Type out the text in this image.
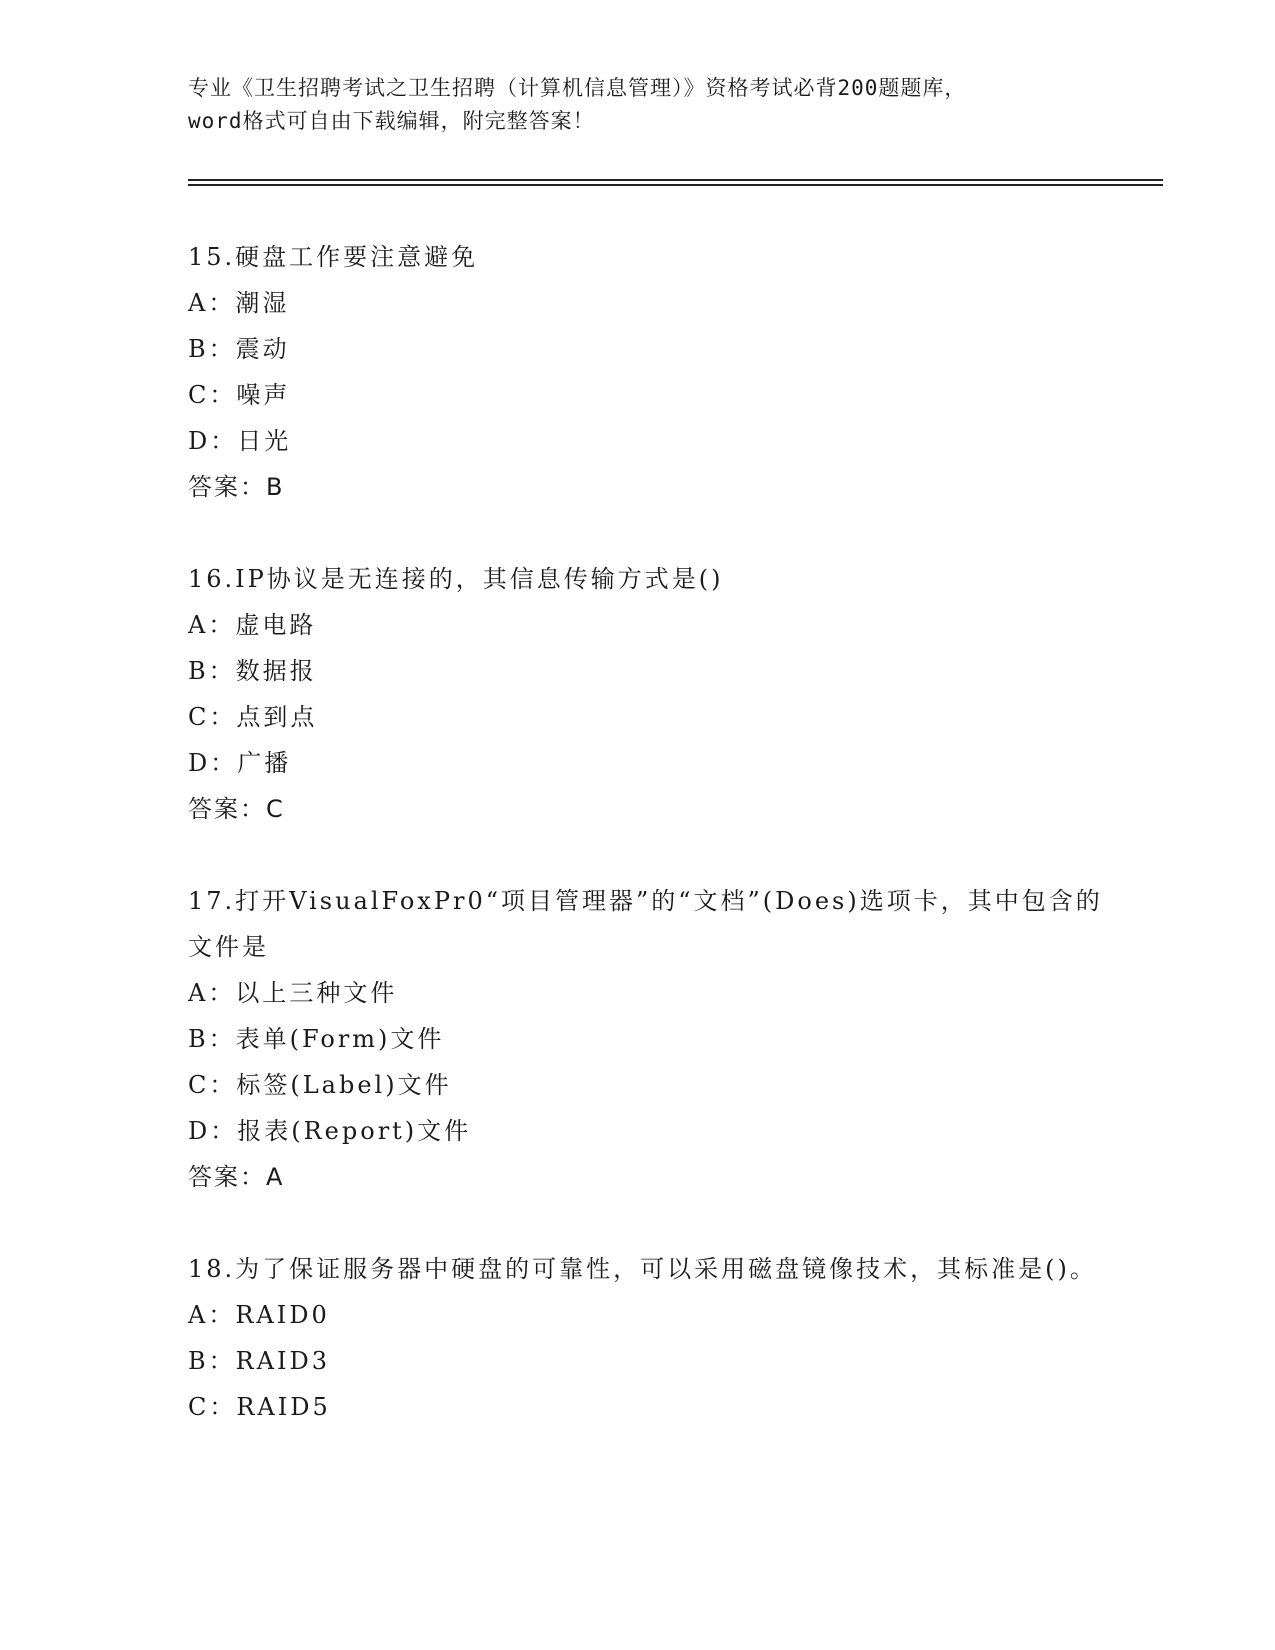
专业《卫生招聘考试之卫生招聘（计算机信息管理）》资格考试必背200题题库，
word格式可自由下载编辑，附完整答案！
15.硬盘工作要注意避免
A：潮湿
B：震动
C：噪声
D：日光
答案：B
16.IP协议是无连接的，其信息传输方式是()
A：虚电路
B：数据报
C：点到点
D：广播
答案：C
17.打开VisualFoxPr0“项目管理器”的“文档”(Does)选项卡，其中包含的文件是
A：以上三种文件
B：表单(Form)文件
C：标签(Label)文件
D：报表(Report)文件
答案：A
18.为了保证服务器中硬盘的可靠性，可以采用磁盘镜像技术，其标准是()。
A：RAID0
B：RAID3
C：RAID5
